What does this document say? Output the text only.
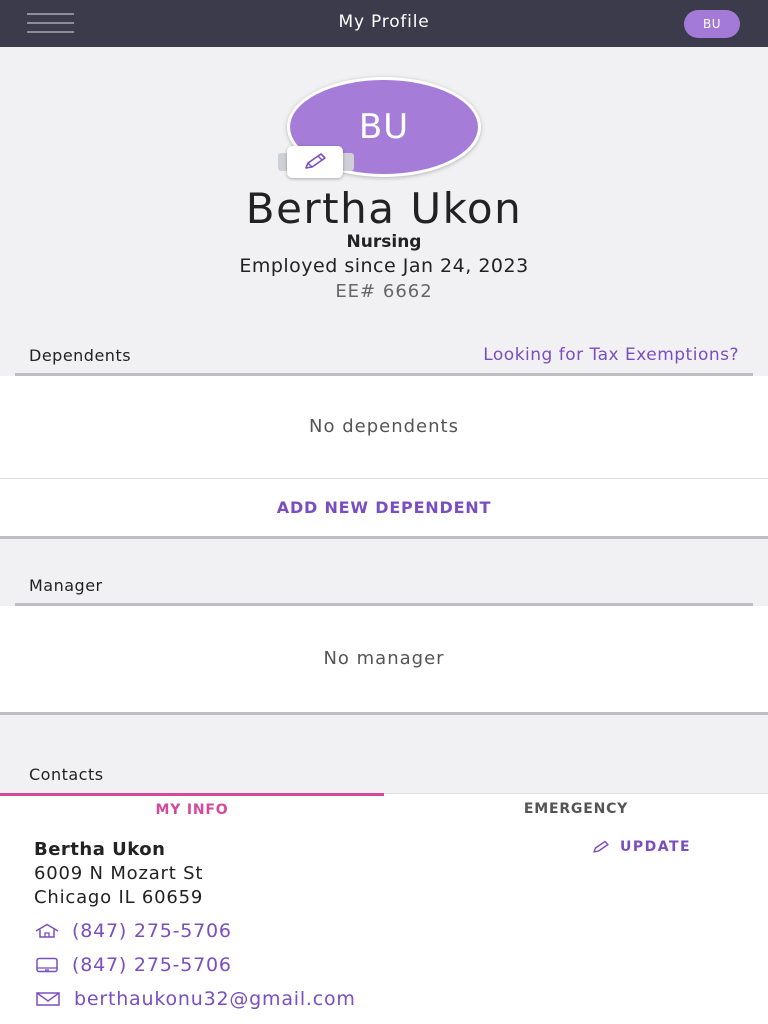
My Profile	BU
BU
Bertha Ukon
Nursing
Employed since Jan 24, 2023
EE# 6662
Dependents	Looking for Tax Exemptions?
No dependents
ADD NEW DEPENDENT
Manager
No manager
Contacts
MY INFO	EMERGENCY
Bertha Ukon
6009 N Mozart St
Chicago IL 60659
UPDATE
(847) 275-5706
(847) 275-5706
berthaukonu32@gmail.com
